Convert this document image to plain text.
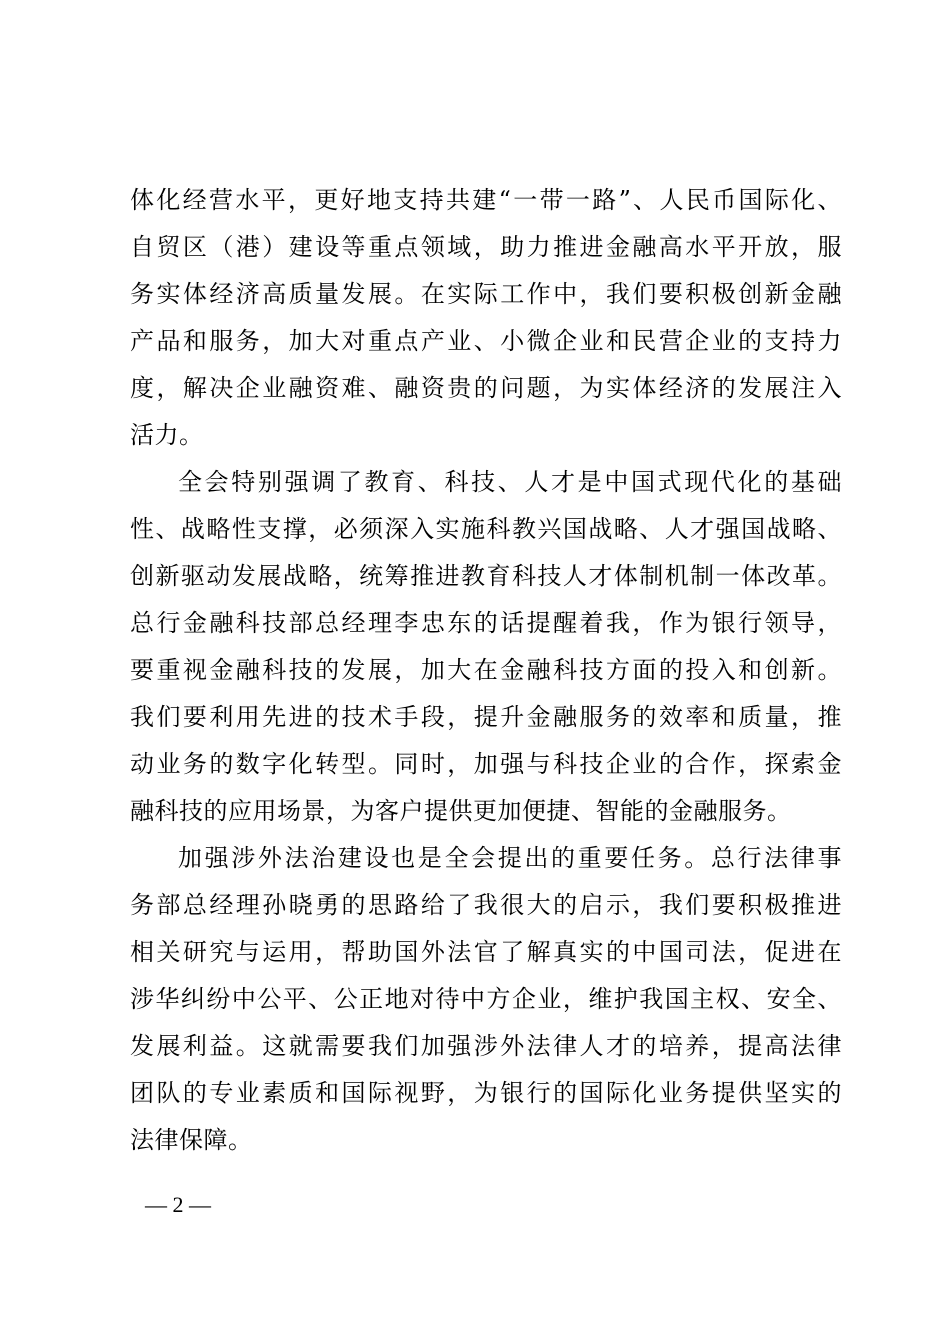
体化经营水平，更好地支持共建“一带一路”、人民币国际化、
自贸区（港）建设等重点领域，助力推进金融高水平开放，服
务实体经济高质量发展。在实际工作中，我们要积极创新金融
产品和服务，加大对重点产业、小微企业和民营企业的支持力
度，解决企业融资难、融资贵的问题，为实体经济的发展注入
活力。
全会特别强调了教育、科技、人才是中国式现代化的基础
性、战略性支撑，必须深入实施科教兴国战略、人才强国战略、
创新驱动发展战略，统筹推进教育科技人才体制机制一体改革。
总行金融科技部总经理李忠东的话提醒着我，作为银行领导，
要重视金融科技的发展，加大在金融科技方面的投入和创新。
我们要利用先进的技术手段，提升金融服务的效率和质量，推
动业务的数字化转型。同时，加强与科技企业的合作，探索金
融科技的应用场景，为客户提供更加便捷、智能的金融服务。
加强涉外法治建设也是全会提出的重要任务。总行法律事
务部总经理孙晓勇的思路给了我很大的启示，我们要积极推进
相关研究与运用，帮助国外法官了解真实的中国司法，促进在
涉华纠纷中公平、公正地对待中方企业，维护我国主权、安全、
发展利益。这就需要我们加强涉外法律人才的培养，提高法律
团队的专业素质和国际视野，为银行的国际化业务提供坚实的
法律保障。
— 2 —
